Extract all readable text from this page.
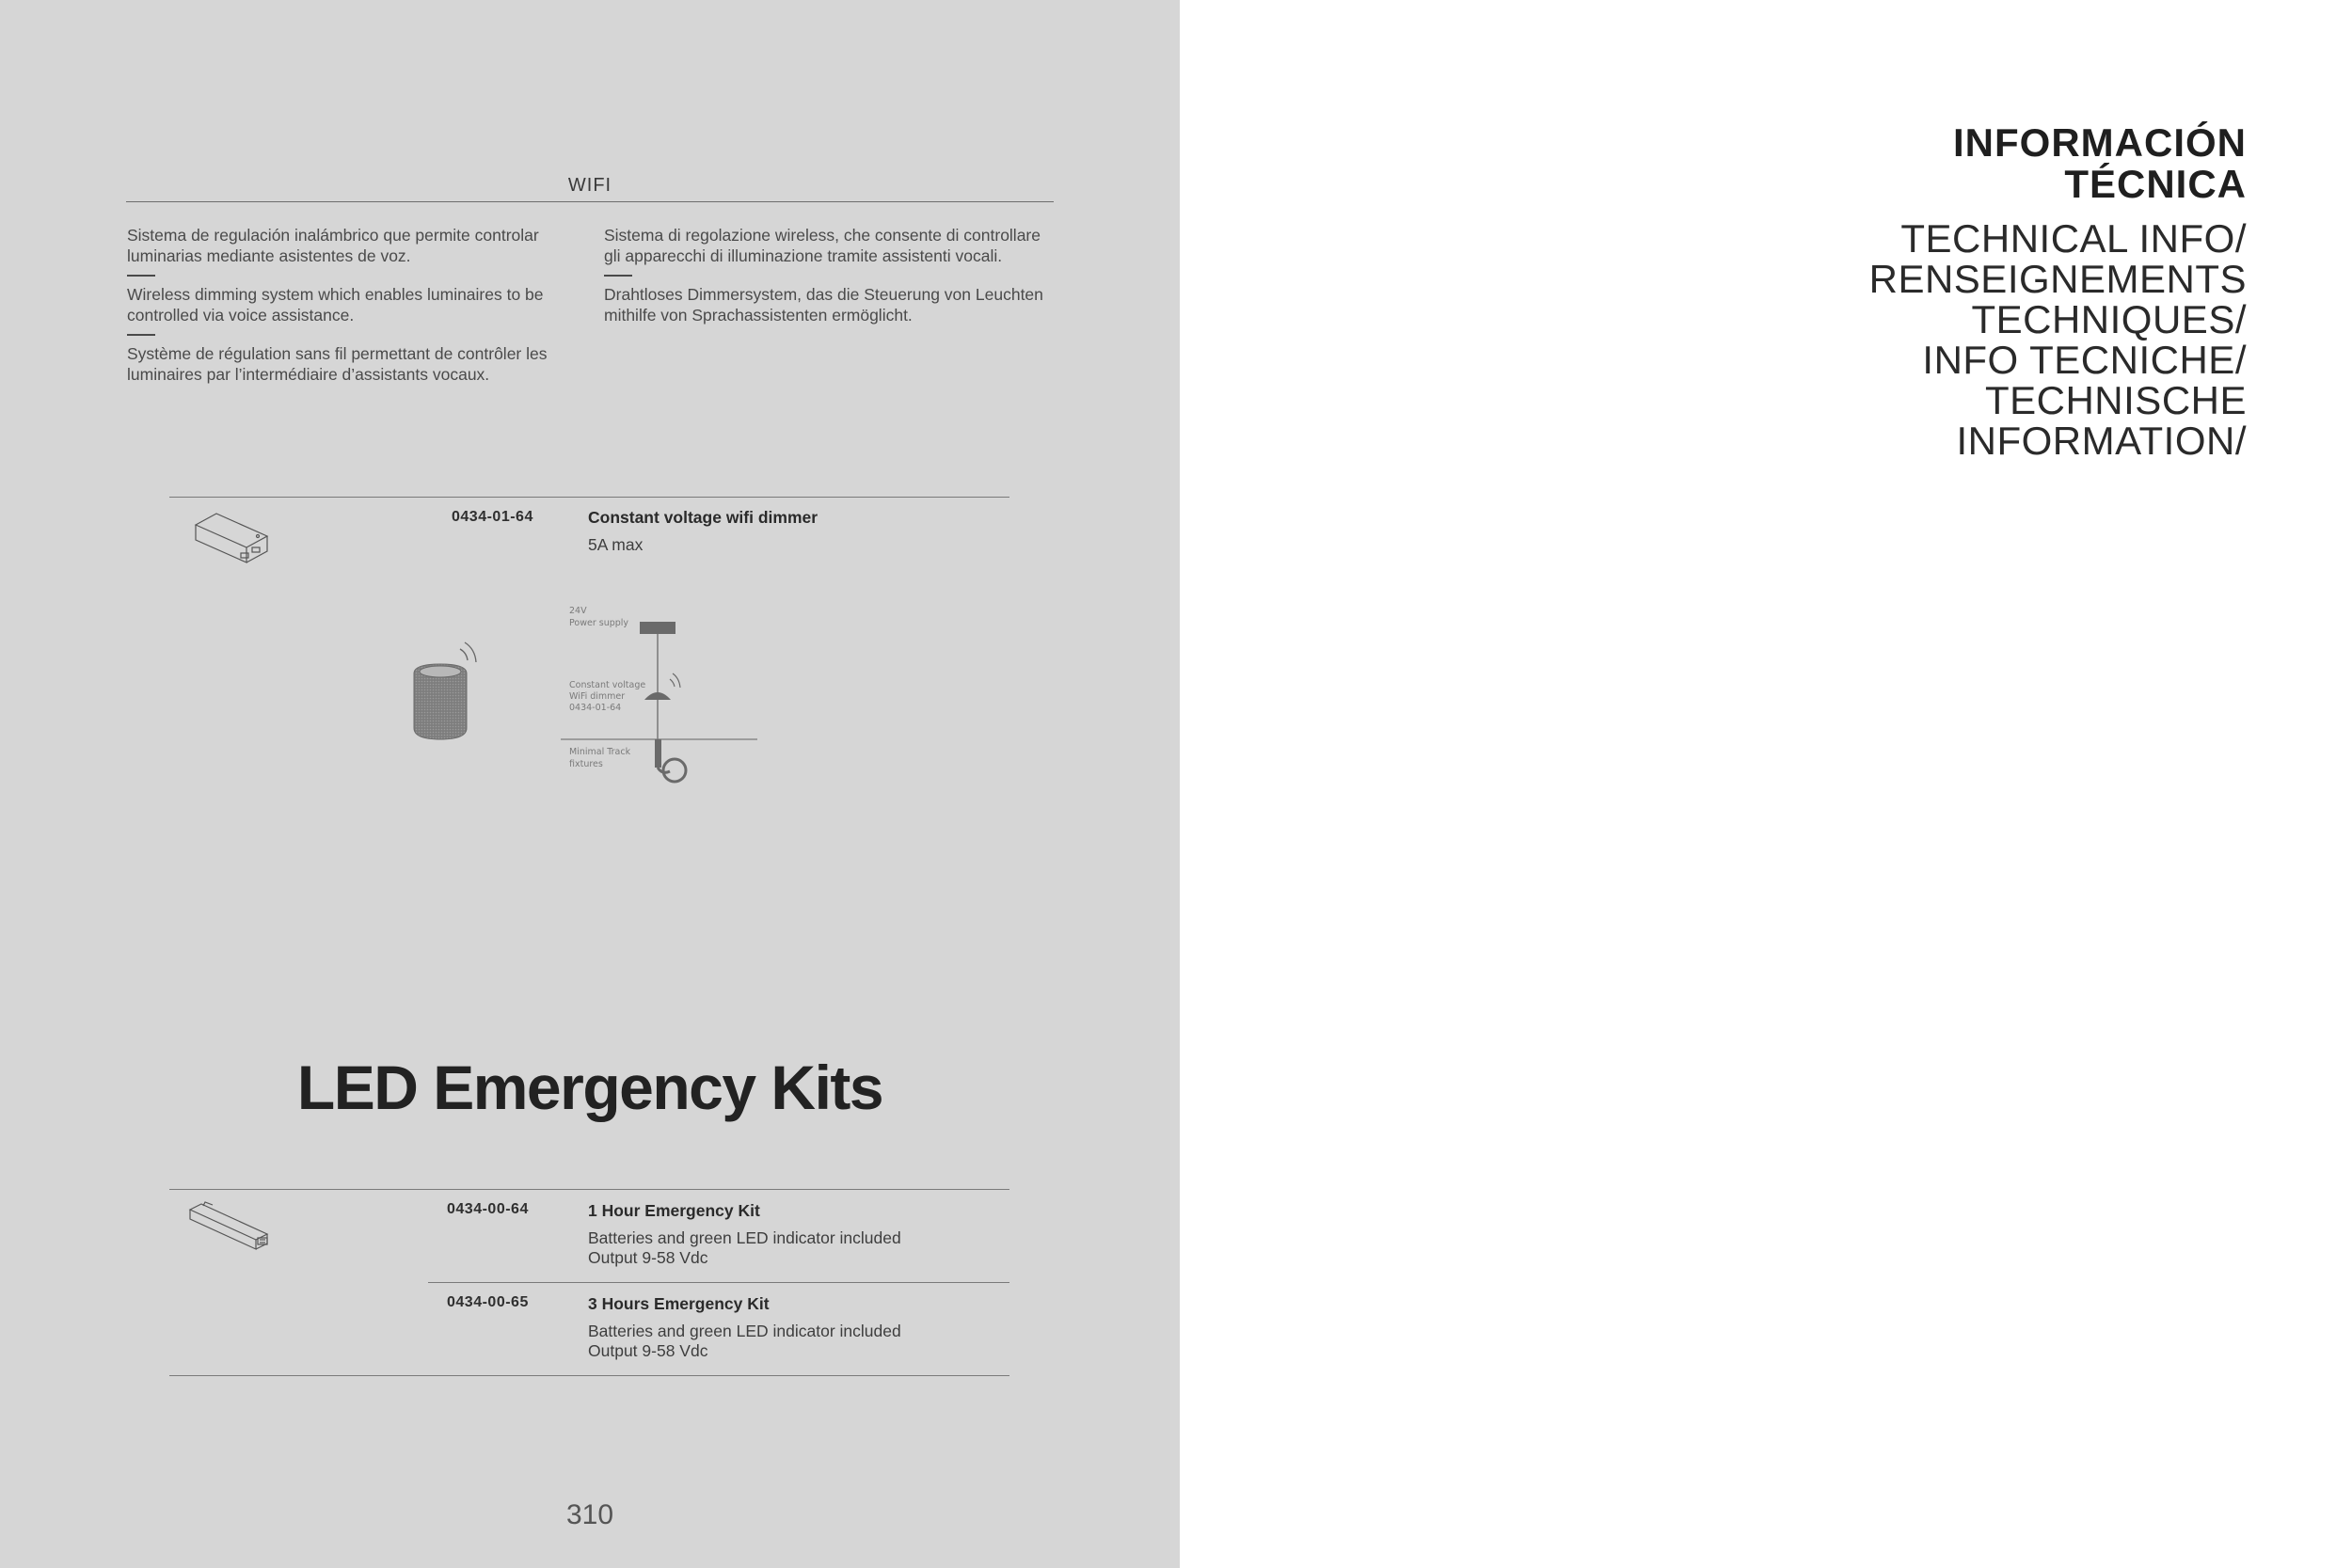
WIFI
Sistema de regulación inalámbrico que permite controlar luminarias mediante asistentes de voz.
Wireless dimming system which enables luminaires to be controlled via voice assistance.
Système de régulation sans fil permettant de contrôler les luminaires par l’intermédiaire d’assistants vocaux.
Sistema di regolazione wireless, che consente di controllare gli apparecchi di illuminazione tramite assistenti vocali.
Drahtloses Dimmersystem, das die Steuerung von Leuchten mithilfe von Sprachassistenten ermöglicht.
0434-01-64	Constant voltage wifi dimmer
5A max
24V
Power supply
Constant voltage
WiFi dimmer
0434-01-64
Minimal Track
fixtures
LED Emergency Kits
0434-00-64	1 Hour Emergency Kit
Batteries and green LED indicator included
Output 9-58 Vdc
0434-00-65	3 Hours Emergency Kit
Batteries and green LED indicator included
Output 9-58 Vdc
310
INFORMACIÓN
TÉCNICA
TECHNICAL INFO/
RENSEIGNEMENTS
TECHNIQUES/
INFO TECNICHE/
TECHNISCHE
INFORMATION/
